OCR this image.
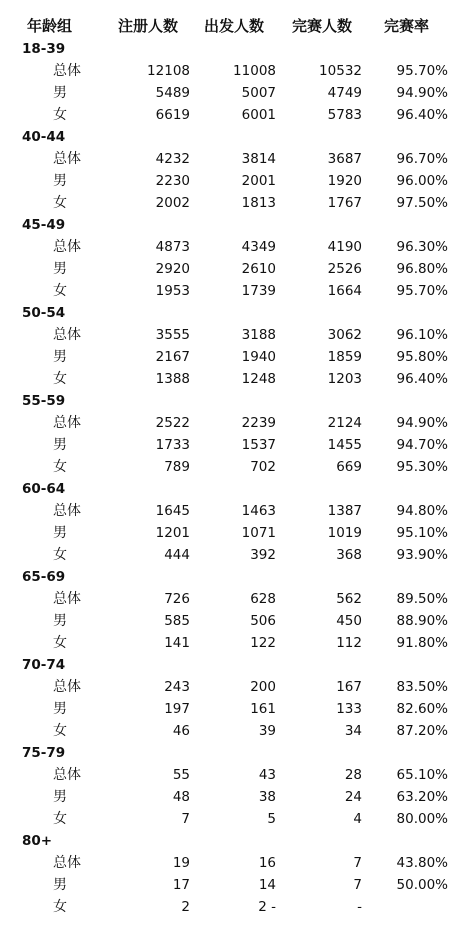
年龄组	注册人数 出发人数 完赛人数 完赛率
18-39
总体	12108	11008	10532	95.70%
男	5489	5007	4749	94.90%
女	6619	6001	5783	96.40%
40-44
总体	4232	3814	3687	96.70%
男	2230	2001	1920	96.00%
女	2002	1813	1767	97.50%
45-49
总体	4873	4349	4190	96.30%
男	2920	2610	2526	96.80%
女	1953	1739	1664	95.70%
50-54
总体	3555	3188	3062	96.10%
男	2167	1940	1859	95.80%
女	1388	1248	1203	96.40%
55-59
总体	2522	2239	2124	94.90%
男	1733	1537	1455	94.70%
女	789	702	669	95.30%
60-64
总体	1645	1463	1387	94.80%
男	1201	1071	1019	95.10%
女	444	392	368	93.90%
65-69
总体	726	628	562	89.50%
男	585	506	450	88.90%
女	141	122	112	91.80%
70-74
总体	243	200	167	83.50%
男	197	161	133	82.60%
女	46	39	34	87.20%
75-79
总体	55	43	28	65.10%
男	48	38	24	63.20%
女	7	5	4	80.00%
80+
总体	19	16	7	43.80%
男	17	14	7	50.00%
女	2	2 -	-
